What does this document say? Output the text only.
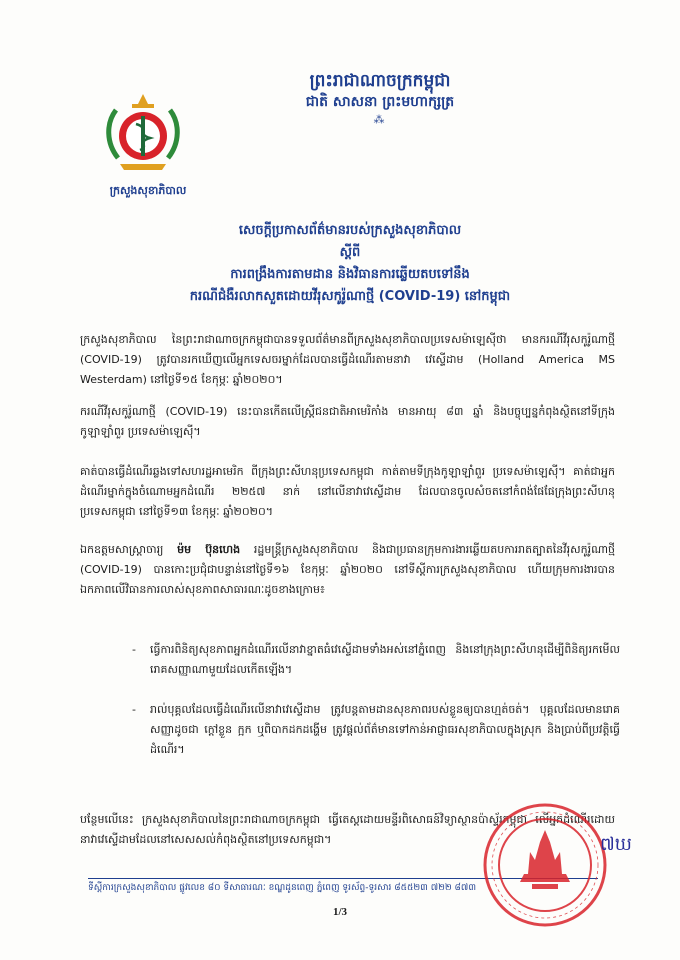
ព្រះរាជាណាចក្រកម្ពុជា
ជាតិ សាសនា ព្រះមហាក្សត្រ
⁂
ក្រសួងសុខាភិបាល
សេចក្តីប្រកាសព័ត៌មានរបស់ក្រសួងសុខាភិបាល
ស្តីពី
ការពង្រឹងការតាមដាន និងវិធានការឆ្លើយតបទៅនឹង
ករណីជំងឺរលាកសួតដោយវីរុសកូរ៉ូណាថ្មី (COVID-19) នៅកម្ពុជា
ក្រសួងសុខាភិបាល នៃព្រះរាជាណាចក្រកម្ពុជាបានទទួលព័ត៌មានពីក្រសួងសុខាភិបាលប្រទេសម៉ាឡេស៊ីថា មានករណីវីរុសកូរ៉ូណាថ្មី (COVID-19) ត្រូវបានរកឃើញលើអ្នកទេសចរម្នាក់ដែលបានធ្វើដំណើរតាមនាវា វេស្ទើដាម (Holland America MS Westerdam) នៅថ្ងៃទី១៥ ខែកុម្ភៈ ឆ្នាំ២០២០។
ករណីវីរុសកូរ៉ូណាថ្មី (COVID-19) នេះបានកើតលើស្ត្រីជនជាតិអាមេរិកាំង មានអាយុ ៨៣ ឆ្នាំ និងបច្ចុប្បន្នកំពុងស្ថិតនៅទីក្រុងកូឡាឡាំពួរ ប្រទេសម៉ាឡេស៊ី។
គាត់បានធ្វើដំណើរឆ្លងទៅសហរដ្ឋអាមេរិក ពីក្រុងព្រះសីហនុប្រទេសកម្ពុជា កាត់តាមទីក្រុងកូឡាឡាំពួរ ប្រទេសម៉ាឡេស៊ី។ គាត់ជាអ្នកដំណើរម្នាក់ក្នុងចំណោមអ្នកដំណើរ ២២៥៧ នាក់ នៅលើនាវាវេស្ទើដាម ដែលបានចូលសំចតនៅកំពង់ផែផែក្រុងព្រះសីហនុ ប្រទេសកម្ពុជា នៅថ្ងៃទី១៣ ខែកុម្ភៈ ឆ្នាំ២០២០។
ឯកឧត្តមសាស្ត្រាចារ្យ ម៉ម ប៊ុនហេង រដ្ឋមន្ត្រីក្រសួងសុខាភិបាល និងជាប្រធានក្រុមការងារឆ្លើយតបការរាតត្បាតនៃវីរុសកូរ៉ូណាថ្មី (COVID-19) បានកោះប្រជុំជាបន្ទាន់នៅថ្ងៃទី១៦ ខែកុម្ភៈ ឆ្នាំ២០២០ នៅទីស្តីការក្រសួងសុខាភិបាល ហើយក្រុមការងារបានឯកភាពលើវិធានការលាស់សុខភាពសាធារណៈដូចខាងក្រោម៖
- ធ្វើការពិនិត្យសុខភាពអ្នកដំណើរលើនាវាខ្នាតធំវេស្ទើដាមទាំងអស់នៅភ្នំពេញ និងនៅក្រុងព្រះសីហនុដើម្បីពិនិត្យរកមើលរោគសញ្ញាណាមួយដែលកើតឡើង។
- រាល់បុគ្គលដែលធ្វើដំណើរលើនាវាវេស្ទើដាម ត្រូវបន្តតាមដានសុខភាពរបស់ខ្លួនឲ្យបានហ្មត់ចត់។ បុគ្គលដែលមានរោគសញ្ញាដូចជា ក្តៅខ្លួន ក្អក ឬពិបាកដកដង្ហើម ត្រូវផ្តល់ព័ត៌មានទៅកាន់អាជ្ញាធរសុខាភិបាលក្នុងស្រុក និងប្រាប់ពីប្រវត្តិធ្វើដំណើរ។
បន្ថែមលើនេះ ក្រសួងសុខាភិបាលនៃព្រះរាជាណាចក្រកម្ពុជា ធ្វើតេស្តដោយមន្ទីរពិសោធន៍វិទ្យាស្ថានប៉ាស្ទ័រកម្ពុជា លើអ្នកដំណើរដោយនាវាវេស្ទើដាមដែលនៅសេសសល់កំពុងស្ថិតនៅប្រទេសកម្ពុជា។
ទីស្តីការក្រសួងសុខាភិបាល ផ្លូវលេខ ៨០ ទីសាធារណៈ ខណ្ឌដូនពេញ ភ្នំពេញ ទូរស័ព្ទ-ទូរសារ ៨៥៥២៣ ៧២២ ៨៧៣
1/3
៧ឃ
